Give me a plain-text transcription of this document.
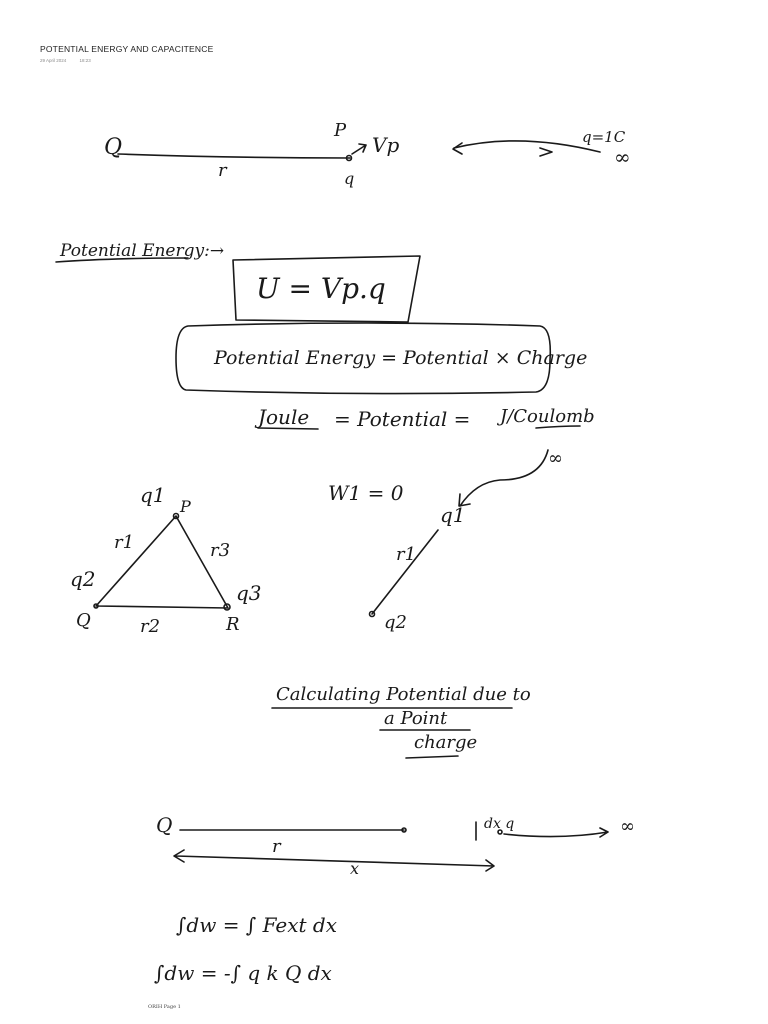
POTENTIAL ENERGY AND CAPACITENCE
29 April 2024	18:23
Q
r
P
Vp
q
q=1C
∞
Potential Energy:→
U = Vp.q
Potential Energy = Potential × Charge
Joule = Potential = J/Coulomb
q1 P
r1	r3
q2
q3
Q	R
r2
W1 = 0
∞
q1
r1
q2
Calculating Potential due to
a Point
charge
Q
r
x
dx q	∞
∫dw = ∫ Fext dx
∫dw = -∫ q k Q dx
ORIH Page 1
